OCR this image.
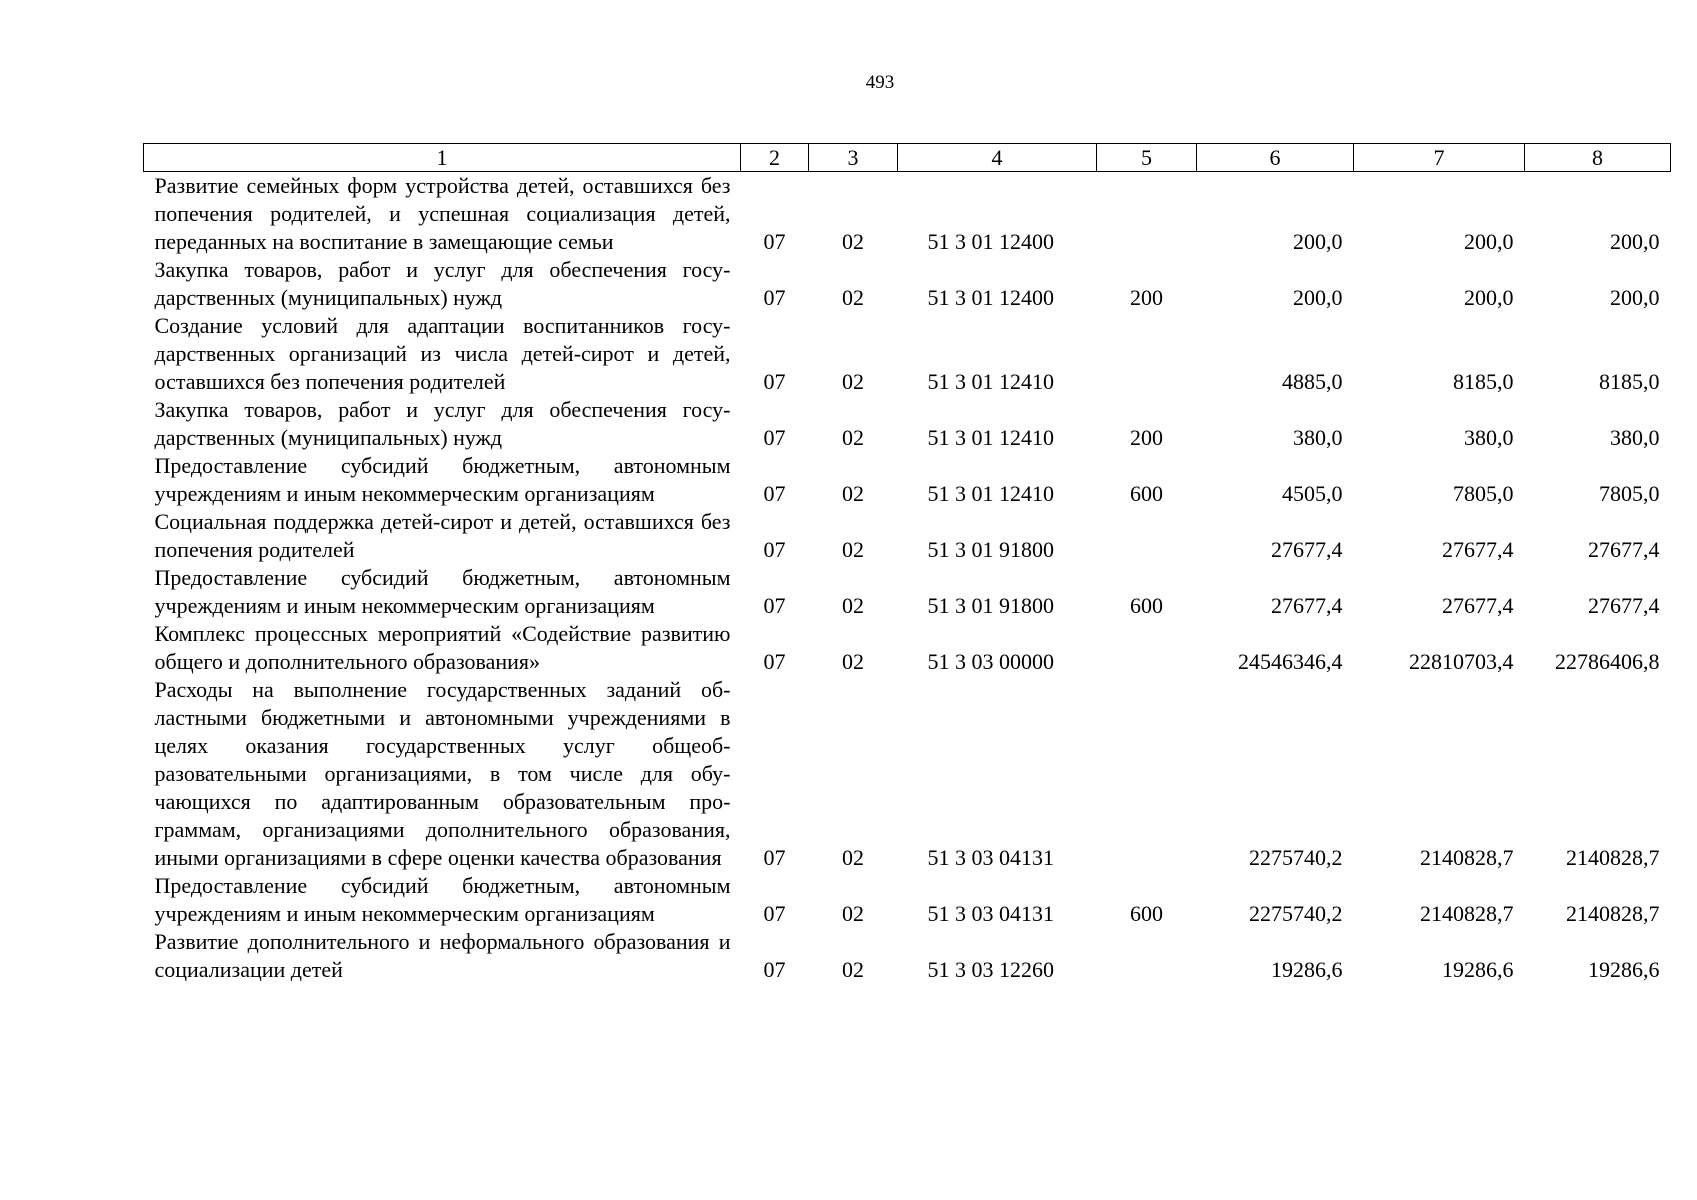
493
1	2	3	4	5	6	7	8
Развитие семейных форм устройства детей, оставшихся без попечения родителей, и успешная социализация детей, переданных на воспитание в замещающие семьи	07	02	51 3 01 12400		200,0	200,0	200,0
Закупка товаров, работ и услуг для обеспечения государственных (муниципальных) нужд	07	02	51 3 01 12400	200	200,0	200,0	200,0
Создание условий для адаптации воспитанников государственных организаций из числа детей-сирот и детей, оставшихся без попечения родителей	07	02	51 3 01 12410		4885,0	8185,0	8185,0
Закупка товаров, работ и услуг для обеспечения государственных (муниципальных) нужд	07	02	51 3 01 12410	200	380,0	380,0	380,0
Предоставление субсидий бюджетным, автономным учреждениям и иным некоммерческим организациям	07	02	51 3 01 12410	600	4505,0	7805,0	7805,0
Социальная поддержка детей-сирот и детей, оставшихся без попечения родителей	07	02	51 3 01 91800		27677,4	27677,4	27677,4
Предоставление субсидий бюджетным, автономным учреждениям и иным некоммерческим организациям	07	02	51 3 01 91800	600	27677,4	27677,4	27677,4
Комплекс процессных мероприятий «Содействие развитию общего и дополнительного образования»	07	02	51 3 03 00000		24546346,4	22810703,4	22786406,8
Расходы на выполнение государственных заданий областными бюджетными и автономными учреждениями в целях оказания государственных услуг общеобразовательными организациями, в том числе для обучающихся по адаптированным образовательным программам, организациями дополнительного образования, иными организациями в сфере оценки качества образования	07	02	51 3 03 04131		2275740,2	2140828,7	2140828,7
Предоставление субсидий бюджетным, автономным учреждениям и иным некоммерческим организациям	07	02	51 3 03 04131	600	2275740,2	2140828,7	2140828,7
Развитие дополнительного и неформального образования и социализации детей	07	02	51 3 03 12260		19286,6	19286,6	19286,6
